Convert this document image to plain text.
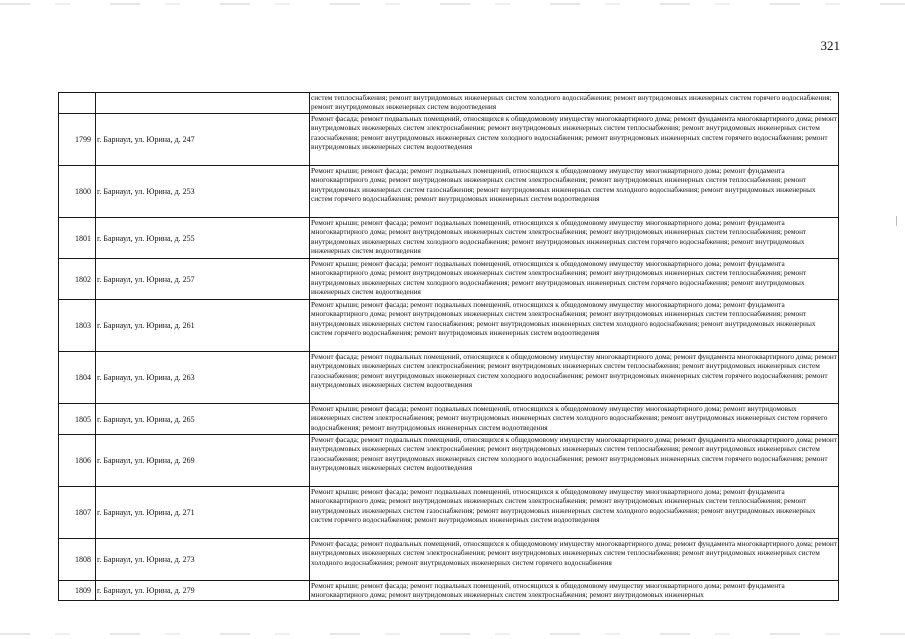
321
		систем теплоснабжения; ремонт внутридомовых инженерных систем холодного водоснабжения; ремонт внутридомовых инженерных систем горячего водоснабжения; ремонт внутридомовых инженерных систем водоотведения
1799	г. Барнаул, ул. Юрина, д. 247	Ремонт фасада; ремонт подвальных помещений, относящихся к общедомовому имуществу многоквартирного дома; ремонт фундамента многоквартирного дома; ремонт внутридомовых инженерных систем электроснабжения; ремонт внутридомовых инженерных систем теплоснабжения; ремонт внутридомовых инженерных систем газоснабжения; ремонт внутридомовых инженерных систем холодного водоснабжения; ремонт внутридомовых инженерных систем горячего водоснабжения; ремонт внутридомовых инженерных систем водоотведения
1800	г. Барнаул, ул. Юрина, д. 253	Ремонт крыши; ремонт фасада; ремонт подвальных помещений, относящихся к общедомовому имуществу многоквартирного дома; ремонт фундамента многоквартирного дома; ремонт внутридомовых инженерных систем электроснабжения; ремонт внутридомовых инженерных систем теплоснабжения; ремонт внутридомовых инженерных систем газоснабжения; ремонт внутридомовых инженерных систем холодного водоснабжения; ремонт внутридомовых инженерных систем горячего водоснабжения; ремонт внутридомовых инженерных систем водоотведения
1801	г. Барнаул, ул. Юрина, д. 255	Ремонт крыши; ремонт фасада; ремонт подвальных помещений, относящихся к общедомовому имуществу многоквартирного дома; ремонт фундамента многоквартирного дома; ремонт внутридомовых инженерных систем электроснабжения; ремонт внутридомовых инженерных систем теплоснабжения; ремонт внутридомовых инженерных систем холодного водоснабжения; ремонт внутридомовых инженерных систем горячего водоснабжения; ремонт внутридомовых инженерных систем водоотведения
1802	г. Барнаул, ул. Юрина, д. 257	Ремонт крыши; ремонт фасада; ремонт подвальных помещений, относящихся к общедомовому имуществу многоквартирного дома; ремонт фундамента многоквартирного дома; ремонт внутридомовых инженерных систем электроснабжения; ремонт внутридомовых инженерных систем теплоснабжения; ремонт внутридомовых инженерных систем холодного водоснабжения; ремонт внутридомовых инженерных систем горячего водоснабжения; ремонт внутридомовых инженерных систем водоотведения
1803	г. Барнаул, ул. Юрина, д. 261	Ремонт крыши; ремонт фасада; ремонт подвальных помещений, относящихся к общедомовому имуществу многоквартирного дома; ремонт фундамента многоквартирного дома; ремонт внутридомовых инженерных систем электроснабжения; ремонт внутридомовых инженерных систем теплоснабжения; ремонт внутридомовых инженерных систем газоснабжения; ремонт внутридомовых инженерных систем холодного водоснабжения; ремонт внутридомовых инженерных систем горячего водоснабжения; ремонт внутридомовых инженерных систем водоотведения
1804	г. Барнаул, ул. Юрина, д. 263	Ремонт фасада; ремонт подвальных помещений, относящихся к общедомовому имуществу многоквартирного дома; ремонт фундамента многоквартирного дома; ремонт внутридомовых инженерных систем электроснабжения; ремонт внутридомовых инженерных систем теплоснабжения; ремонт внутридомовых инженерных систем газоснабжения; ремонт внутридомовых инженерных систем холодного водоснабжения; ремонт внутридомовых инженерных систем горячего водоснабжения; ремонт внутридомовых инженерных систем водоотведения
1805	г. Барнаул, ул. Юрина, д. 265	Ремонт крыши; ремонт фасада; ремонт подвальных помещений, относящихся к общедомовому имуществу многоквартирного дома; ремонт внутридомовых инженерных систем электроснабжения; ремонт внутридомовых инженерных систем холодного водоснабжения; ремонт внутридомовых инженерных систем горячего водоснабжения; ремонт внутридомовых инженерных систем водоотведения
1806	г. Барнаул, ул. Юрина, д. 269	Ремонт фасада; ремонт подвальных помещений, относящихся к общедомовому имуществу многоквартирного дома; ремонт фундамента многоквартирного дома; ремонт внутридомовых инженерных систем электроснабжения; ремонт внутридомовых инженерных систем теплоснабжения; ремонт внутридомовых инженерных систем газоснабжения; ремонт внутридомовых инженерных систем холодного водоснабжения; ремонт внутридомовых инженерных систем горячего водоснабжения; ремонт внутридомовых инженерных систем водоотведения
1807	г. Барнаул, ул. Юрина, д. 271	Ремонт крыши; ремонт фасада; ремонт подвальных помещений, относящихся к общедомовому имуществу многоквартирного дома; ремонт фундамента многоквартирного дома; ремонт внутридомовых инженерных систем электроснабжения; ремонт внутридомовых инженерных систем теплоснабжения; ремонт внутридомовых инженерных систем газоснабжения; ремонт внутридомовых инженерных систем холодного водоснабжения; ремонт внутридомовых инженерных систем горячего водоснабжения; ремонт внутридомовых инженерных систем водоотведения
1808	г. Барнаул, ул. Юрина, д. 273	Ремонт фасада; ремонт подвальных помещений, относящихся к общедомовому имуществу многоквартирного дома; ремонт фундамента многоквартирного дома; ремонт внутридомовых инженерных систем электроснабжения; ремонт внутридомовых инженерных систем теплоснабжения; ремонт внутридомовых инженерных систем холодного водоснабжения; ремонт внутридомовых инженерных систем горячего водоснабжения
1809	г. Барнаул, ул. Юрина, д. 279	Ремонт крыши; ремонт фасада; ремонт подвальных помещений, относящихся к общедомовому имуществу многоквартирного дома; ремонт фундамента многоквартирного дома; ремонт внутридомовых инженерных систем электроснабжения; ремонт внутридомовых инженерных
